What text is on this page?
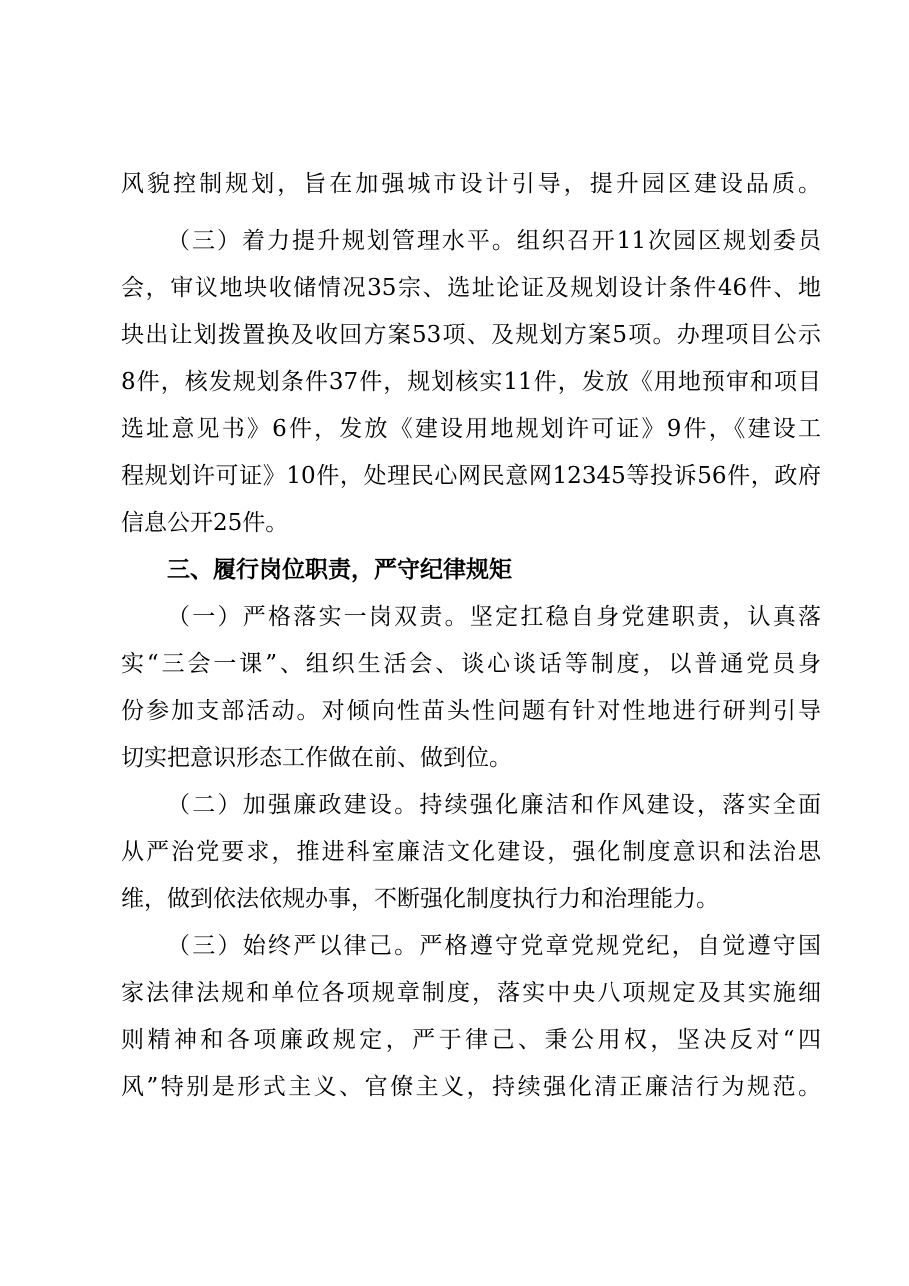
风貌控制规划，旨在加强城市设计引导，提升园区建设品质。
（三）着力提升规划管理水平。组织召开11次园区规划委员
会，审议地块收储情况35宗、选址论证及规划设计条件46件、地
块出让划拨置换及收回方案53项、及规划方案5项。办理项目公示
8件，核发规划条件37件，规划核实11件，发放《用地预审和项目
选址意见书》6件，发放《建设用地规划许可证》9件，《建设工
程规划许可证》10件，处理民心网民意网12345等投诉56件，政府
信息公开25件。
三、履行岗位职责，严守纪律规矩
（一）严格落实一岗双责。坚定扛稳自身党建职责，认真落
实“三会一课”、组织生活会、谈心谈话等制度，以普通党员身
份参加支部活动。对倾向性苗头性问题有针对性地进行研判引导
切实把意识形态工作做在前、做到位。
（二）加强廉政建设。持续强化廉洁和作风建设，落实全面
从严治党要求，推进科室廉洁文化建设，强化制度意识和法治思
维，做到依法依规办事，不断强化制度执行力和治理能力。
（三）始终严以律己。严格遵守党章党规党纪，自觉遵守国
家法律法规和单位各项规章制度，落实中央八项规定及其实施细
则精神和各项廉政规定，严于律己、秉公用权，坚决反对“四
风”特别是形式主义、官僚主义，持续强化清正廉洁行为规范。
